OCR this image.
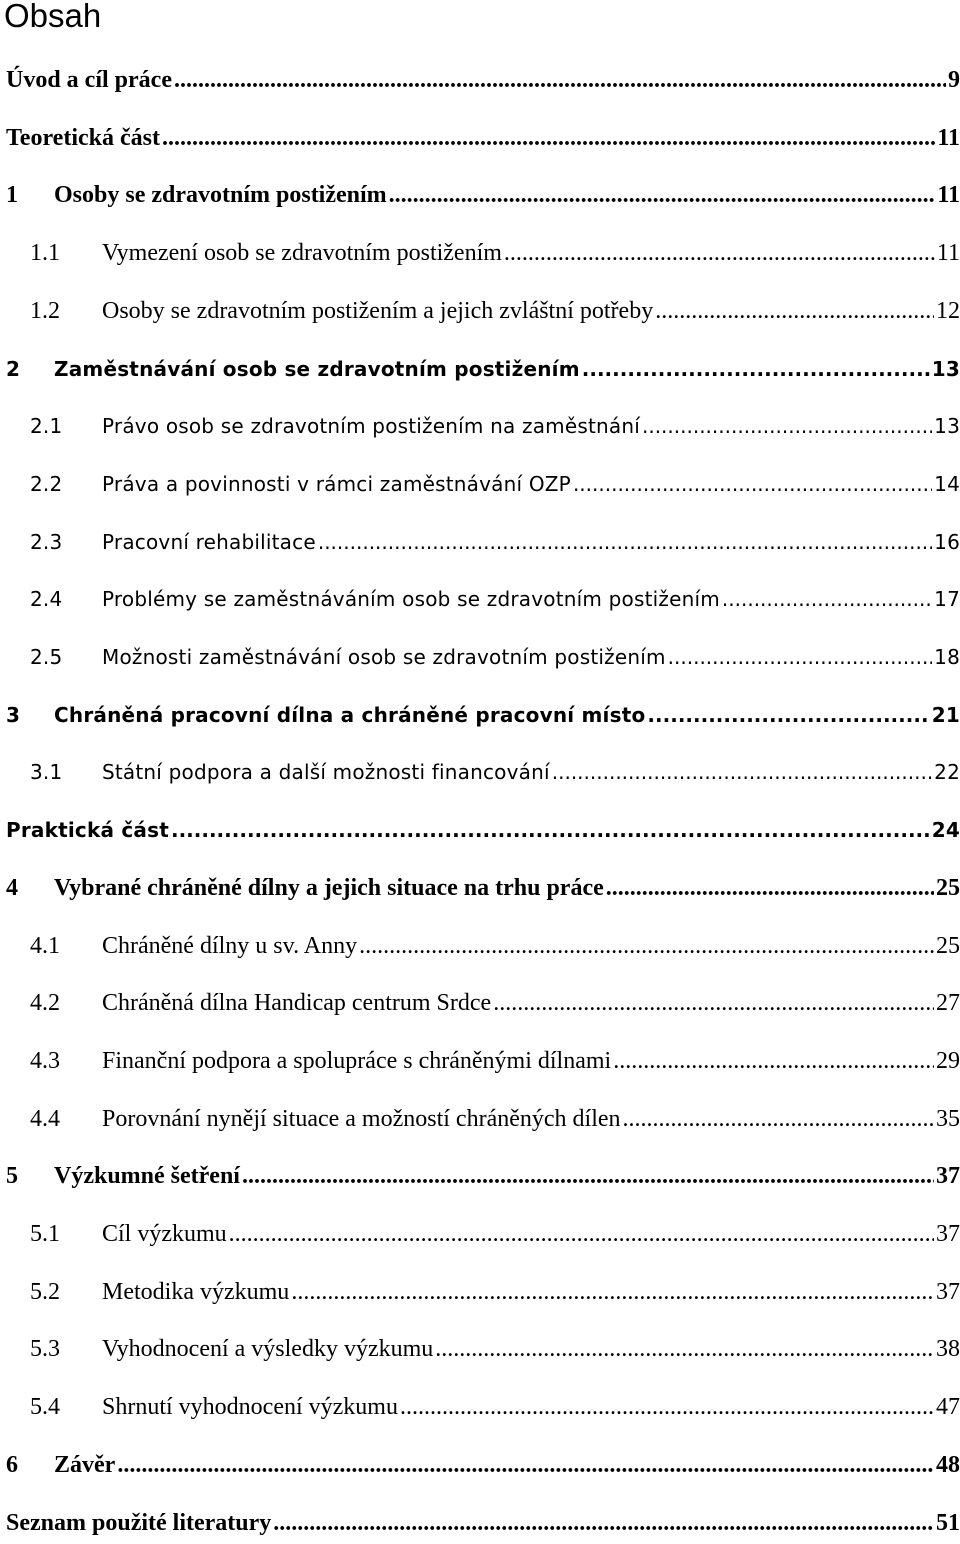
Obsah
Úvod a cíl práce .....	9
Teoretická část .....	11
1	Osoby se zdravotním postižením .....	11
1.1	Vymezení osob se zdravotním postižením .....	11
1.2	Osoby se zdravotním postižením a jejich zvláštní potřeby .....	12
2	Zaměstnávání osob se zdravotním postižením .....	13
2.1	Právo osob se zdravotním postižením na zaměstnání .....	13
2.2	Práva a povinnosti v rámci zaměstnávání OZP .....	14
2.3	Pracovní rehabilitace .....	16
2.4	Problémy se zaměstnáváním osob se zdravotním postižením .....	17
2.5	Možnosti zaměstnávání osob se zdravotním postižením .....	18
3	Chráněná pracovní dílna a chráněné pracovní místo .....	21
3.1	Státní podpora a další možnosti financování .....	22
Praktická část .....	24
4	Vybrané chráněné dílny a jejich situace na trhu práce .....	25
4.1	Chráněné dílny u sv. Anny .....	25
4.2	Chráněná dílna Handicap centrum Srdce .....	27
4.3	Finanční podpora a spolupráce s chráněnými dílnami .....	29
4.4	Porovnání nynějí situace a možností chráněných dílen .....	35
5	Výzkumné šetření .....	37
5.1	Cíl výzkumu .....	37
5.2	Metodika výzkumu .....	37
5.3	Vyhodnocení a výsledky výzkumu .....	38
5.4	Shrnutí vyhodnocení výzkumu .....	47
6	Závěr .....	48
Seznam použité literatury .....	51
